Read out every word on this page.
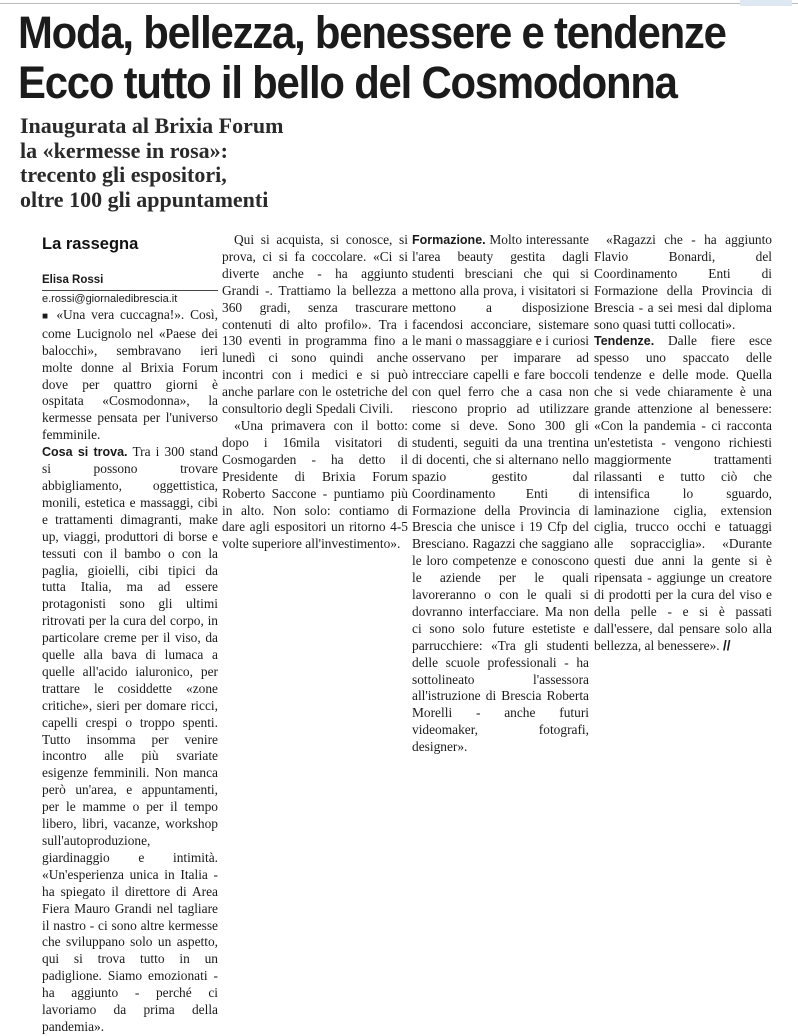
Moda, bellezza, benessere e tendenze
Ecco tutto il bello del Cosmodonna
Inaugurata al Brixia Forum
la «kermesse in rosa»:
trecento gli espositori,
oltre 100 gli appuntamenti
La rassegna

Elisa Rossi

e.rossi@giornaledibrescia.it

■ «Una vera cuccagna!». Così, come Lucignolo nel «Paese dei balocchi», sembravano ieri molte donne al Brixia Forum dove per quattro giorni è ospitata «Cosmodonna», la kermesse pensata per l'universo femminile.

Cosa si trova. Tra i 300 stand si possono trovare abbigliamento, oggettistica, monili, estetica e massaggi, cibi e trattamenti dimagranti, make up, viaggi, produttori di borse e tessuti con il bambo o con la paglia, gioielli, cibi tipici da tutta Italia, ma ad essere protagonisti sono gli ultimi ritrovati per la cura del corpo, in particolare creme per il viso, da quelle alla bava di lumaca a quelle all'acido ialuronico, per trattare le cosiddette «zone critiche», sieri per domare ricci, capelli crespi o troppo spenti. Tutto insomma per venire incontro alle più svariate esigenze femminili. Non manca però un'area, e appuntamenti, per le mamme o per il tempo libero, libri, vacanze, workshop sull'autoproduzione, giardinaggio e intimità. «Un'esperienza unica in Italia - ha spiegato il direttore di Area Fiera Mauro Grandi nel tagliare il nastro - ci sono altre kermesse che sviluppano solo un aspetto, qui si trova tutto in un padiglione. Siamo emozionati - ha aggiunto - perché ci lavoriamo da prima della pandemia».

Qui si acquista, si conosce, si prova, ci si fa coccolare. «Ci si diverte anche - ha aggiunto Grandi -. Trattiamo la bellezza a 360 gradi, senza trascurare contenuti di alto profilo». Tra i 130 eventi in programma fino a lunedì ci sono quindi anche incontri con i medici e si può anche parlare con le ostetriche del consultorio degli Spedali Civili.

«Una primavera con il botto: dopo i 16mila visitatori di Cosmogarden - ha detto il Presidente di Brixia Forum Roberto Saccone - puntiamo più in alto. Non solo: contiamo di dare agli espositori un ritorno 4-5 volte superiore all'investimento».

Formazione. Molto interessante l'area beauty gestita dagli studenti bresciani che qui si mettono alla prova, i visitatori si mettono a disposizione facendosi acconciare, sistemare le mani o massaggiare e i curiosi osservano per imparare ad intrecciare capelli e fare boccoli con quel ferro che a casa non riescono proprio ad utilizzare come si deve. Sono 300 gli studenti, seguiti da una trentina di docenti, che si alternano nello spazio gestito dal Coordinamento Enti di Formazione della Provincia di Brescia che unisce i 19 Cfp del Bresciano. Ragazzi che saggiano le loro competenze e conoscono le aziende per le quali lavoreranno o con le quali si dovranno interfacciare. Ma non ci sono solo future estetiste e parrucchiere: «Tra gli studenti delle scuole professionali - ha sottolineato l'assessora all'istruzione di Brescia Roberta Morelli - anche futuri videomaker, fotografi, designer».

«Ragazzi che - ha aggiunto Flavio Bonardi, del Coordinamento Enti di Formazione della Provincia di Brescia - a sei mesi dal diploma sono quasi tutti collocati».

Tendenze. Dalle fiere esce spesso uno spaccato delle tendenze e delle mode. Quella che si vede chiaramente è una grande attenzione al benessere: «Con la pandemia - ci racconta un'estetista - vengono richiesti maggiormente trattamenti rilassanti e tutto ciò che intensifica lo sguardo, laminazione ciglia, extension ciglia, trucco occhi e tatuaggi alle sopracciglia». «Durante questi due anni la gente si è ripensata - aggiunge un creatore di prodotti per la cura del viso e della pelle - e si è passati dall'essere, dal pensare solo alla bellezza, al benessere». //
